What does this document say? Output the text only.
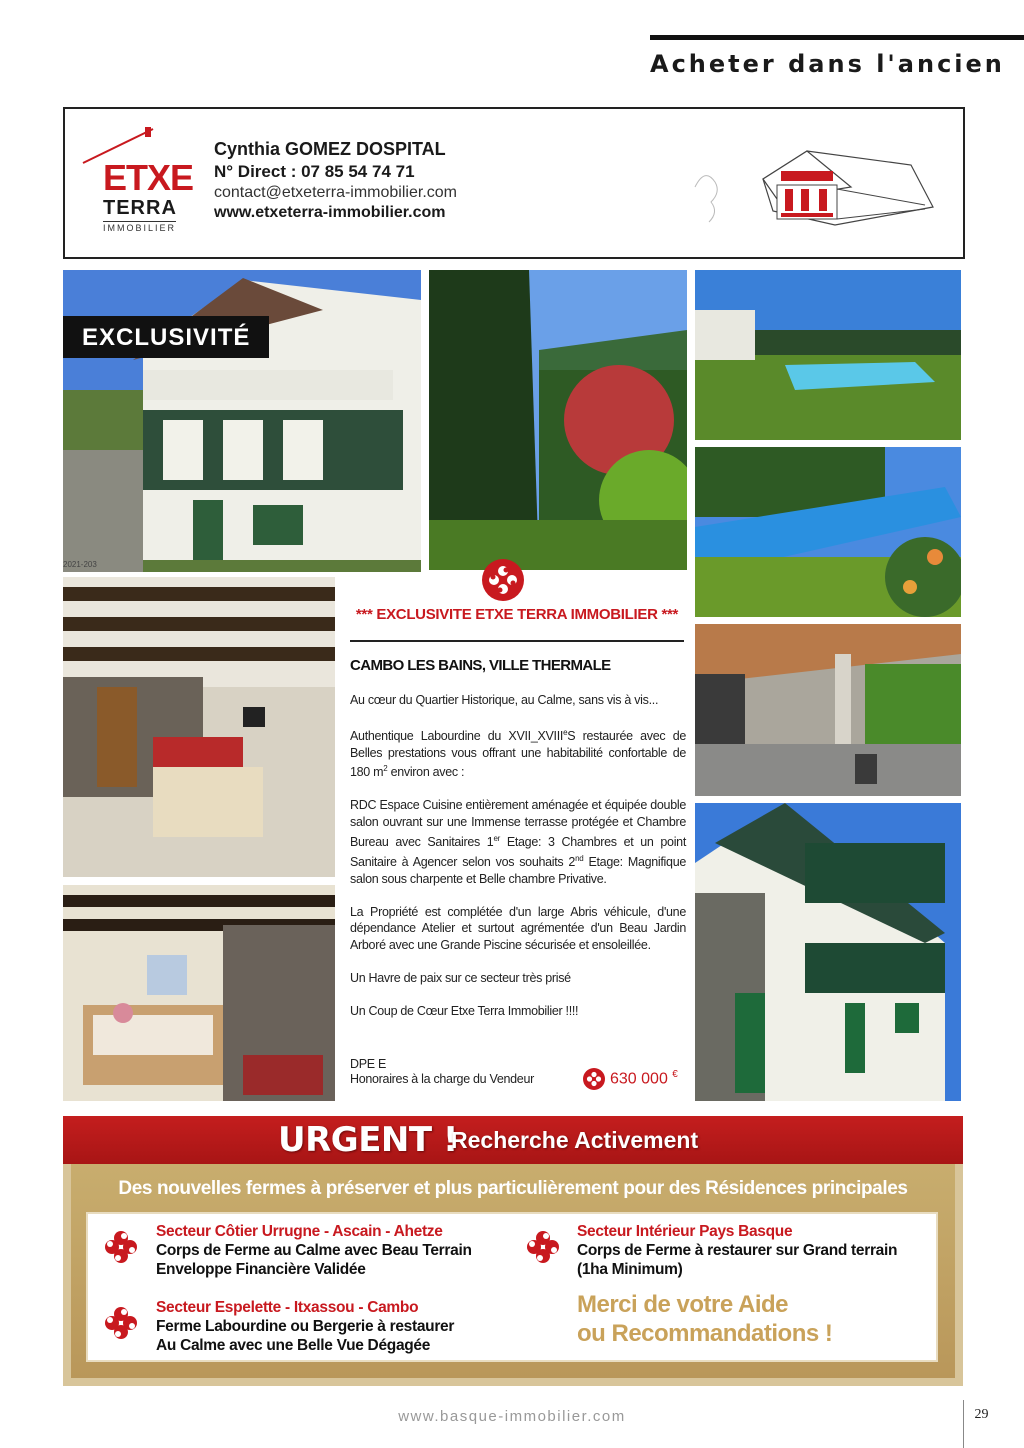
Acheter dans l'ancien
ETXE
TERRA
IMMOBILIER
Cynthia GOMEZ DOSPITAL
N° Direct : 07 85 54 74 71
contact@etxeterra-immobilier.com
www.etxeterra-immobilier.com
EXCLUSIVITÉ
2021-203
*** EXCLUSIVITE ETXE TERRA IMMOBILIER ***
CAMBO LES BAINS, VILLE THERMALE

Au cœur du Quartier Historique, au Calme, sans vis à vis...

Authentique Labourdine du XVII_XVIIIeS restaurée avec de Belles prestations vous offrant une habitabilité confortable de 180 $m^2$ environ avec :

RDC Espace Cuisine entièrement aménagée et équipée double salon ouvrant sur une Immense terrasse protégée et Chambre Bureau avec Sanitaires 1er Etage: 3 Chambres et un point Sanitaire à Agencer selon vos souhaits 2nd Etage: Magnifique salon sous charpente et Belle chambre Privative.

La Propriété est complétée d'un large Abris véhicule, d'une dépendance Atelier et surtout agrémentée d'un Beau Jardin Arboré avec une Grande Piscine sécurisée et ensoleillée.

Un Havre de paix sur ce secteur très prisé

Un Coup de Cœur Etxe Terra Immobilier !!!!

DPE E
Honoraires à la charge du Vendeur	630 000 €
URGENT !
Recherche Activement
Des nouvelles fermes à préserver et plus particulièrement pour des Résidences principales
Secteur Côtier Urrugne - Ascain - Ahetze
Corps de Ferme au Calme avec Beau Terrain
Enveloppe Financière Validée
Secteur Espelette - Itxassou - Cambo
Ferme Labourdine ou Bergerie à restaurer
Au Calme avec une Belle Vue Dégagée
Secteur Intérieur Pays Basque
Corps de Ferme à restaurer sur Grand terrain
(1ha Minimum)
Merci de votre Aide
ou Recommandations !
www.basque-immobilier.com	29
